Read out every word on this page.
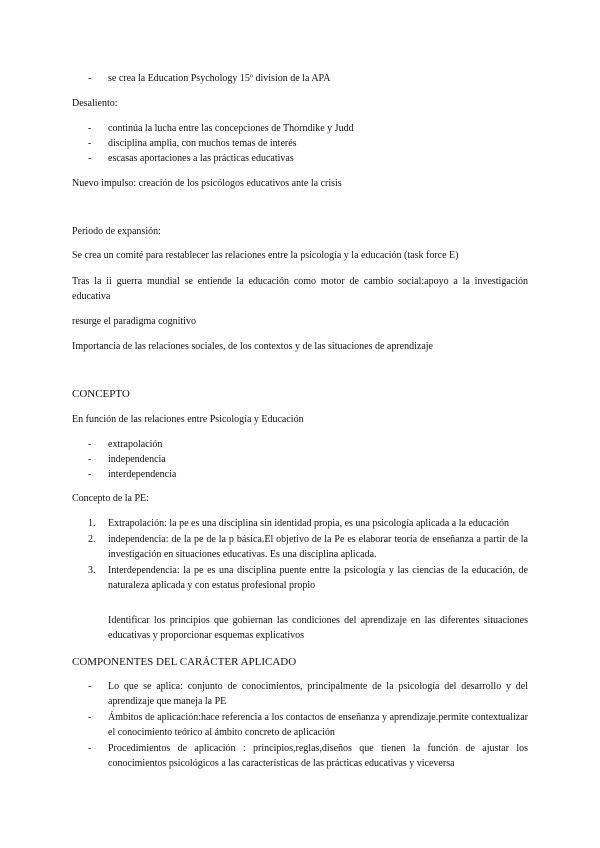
- se crea la Education Psychology 15º division de la APA

Desaliento:

- continúa la lucha entre las concepciones de Thorndike y Judd
- disciplina amplia, con muchos temas de interés
- escasas aportaciones a las prácticas educativas

Nuevo impulso: creación de los psicólogos educativos ante la crisis

Periodo de expansión:

Se crea un comité para restablecer las relaciones entre la psicología y la educación (task force E)

Tras la ii guerra mundial se entiende la educación como motor de cambio social:apoyo a la investigación educativa

resurge el paradigma cognitivo

Importancia de las relaciones sociales, de los contextos y de las situaciones de aprendizaje

CONCEPTO

En función de las relaciones entre Psicología y Educación

- extrapolación
- independencia
- interdependencia

Concepto de la PE:

1. Extrapolación: la pe es una disciplina sin identidad propia, es una psicología aplicada a la educación
2. independencia: de la pe de la p básica.El objetivo de la Pe es elaborar teoría de enseñanza a partir de la investigación en situaciones educativas. Es una disciplina aplicada.
3. Interdependencia: la pe es una disciplina puente entre la psicología y las ciencias de la educación, de naturaleza aplicada y con estatus profesional propio

Identificar los principios que gobiernan las condiciones del aprendizaje en las diferentes situaciones educativas y proporcionar esquemas explicativos

COMPONENTES DEL CARÁCTER APLICADO

- Lo que se aplica: conjunto de conocimientos, principalmente de la psicología del desarrollo y del aprendizaje que maneja la PE
- Ámbitos de aplicación:hace referencia a los contactos de enseñanza y aprendizaje.permite contextualizar el conocimiento teórico al ámbito concreto de aplicación
- Procedimientos de aplicación : principios,reglas,diseños que tienen la función de ajustar los conocimientos psicológicos a las características de las prácticas educativas y viceversa
